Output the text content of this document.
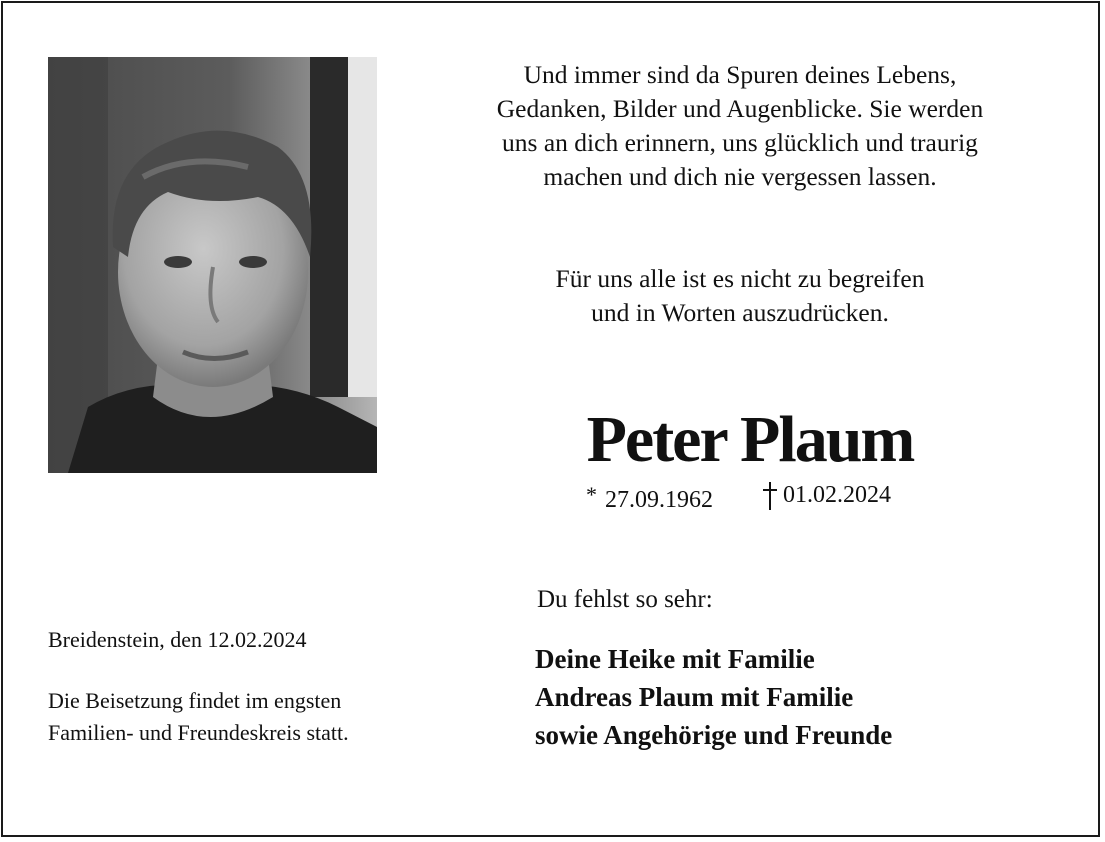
Und immer sind da Spuren deines Lebens,
Gedanken, Bilder und Augenblicke. Sie werden
uns an dich erinnern, uns glücklich und traurig
machen und dich nie vergessen lassen.
Für uns alle ist es nicht zu begreifen
und in Worten auszudrücken.
Peter Plaum
* 27.09.1962	01.02.2024
Du fehlst so sehr:
Deine Heike mit Familie
Andreas Plaum mit Familie
sowie Angehörige und Freunde
Breidenstein, den 12.02.2024
Die Beisetzung findet im engsten
Familien- und Freundeskreis statt.
